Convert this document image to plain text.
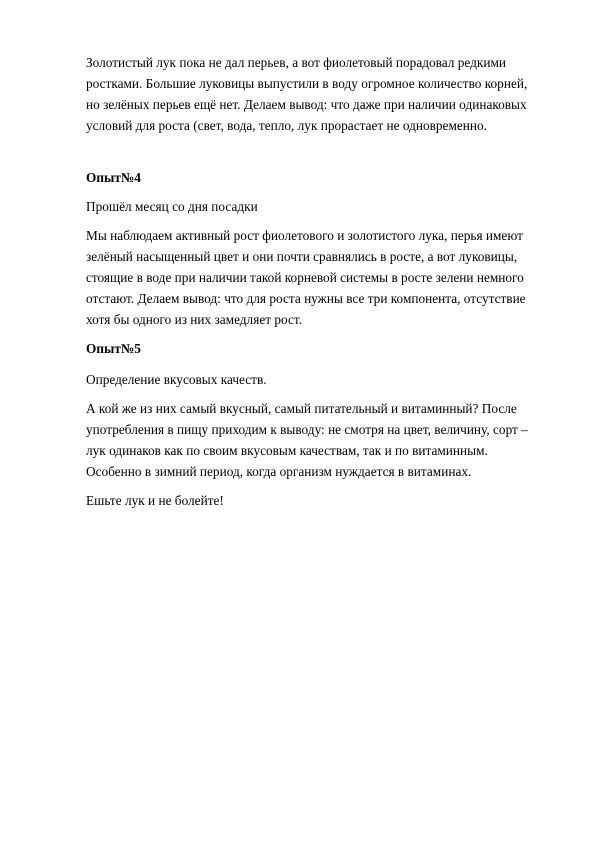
Золотистый лук пока не дал перьев, а вот фиолетовый порадовал редкими
ростками. Большие луковицы выпустили в воду огромное количество корней,
но зелёных перьев ещё нет. Делаем вывод: что даже при наличии одинаковых
условий для роста (свет, вода, тепло, лук прорастает не одновременно.

Опыт№4

Прошёл месяц со дня посадки

Мы наблюдаем активный рост фиолетового и золотистого лука, перья имеют
зелёный насыщенный цвет и они почти сравнялись в росте, а вот луковицы,
стоящие в воде при наличии такой корневой системы в росте зелени немного
отстают. Делаем вывод: что для роста нужны все три компонента, отсутствие
хотя бы одного из них замедляет рост.

Опыт№5

Определение вкусовых качеств.

А кой же из них самый вкусный, самый питательный и витаминный? После
употребления в пищу приходим к выводу: не смотря на цвет, величину, сорт –
лук одинаков как по своим вкусовым качествам, так и по витаминным.
Особенно в зимний период, когда организм нуждается в витаминах.

Ешьте лук и не болейте!
